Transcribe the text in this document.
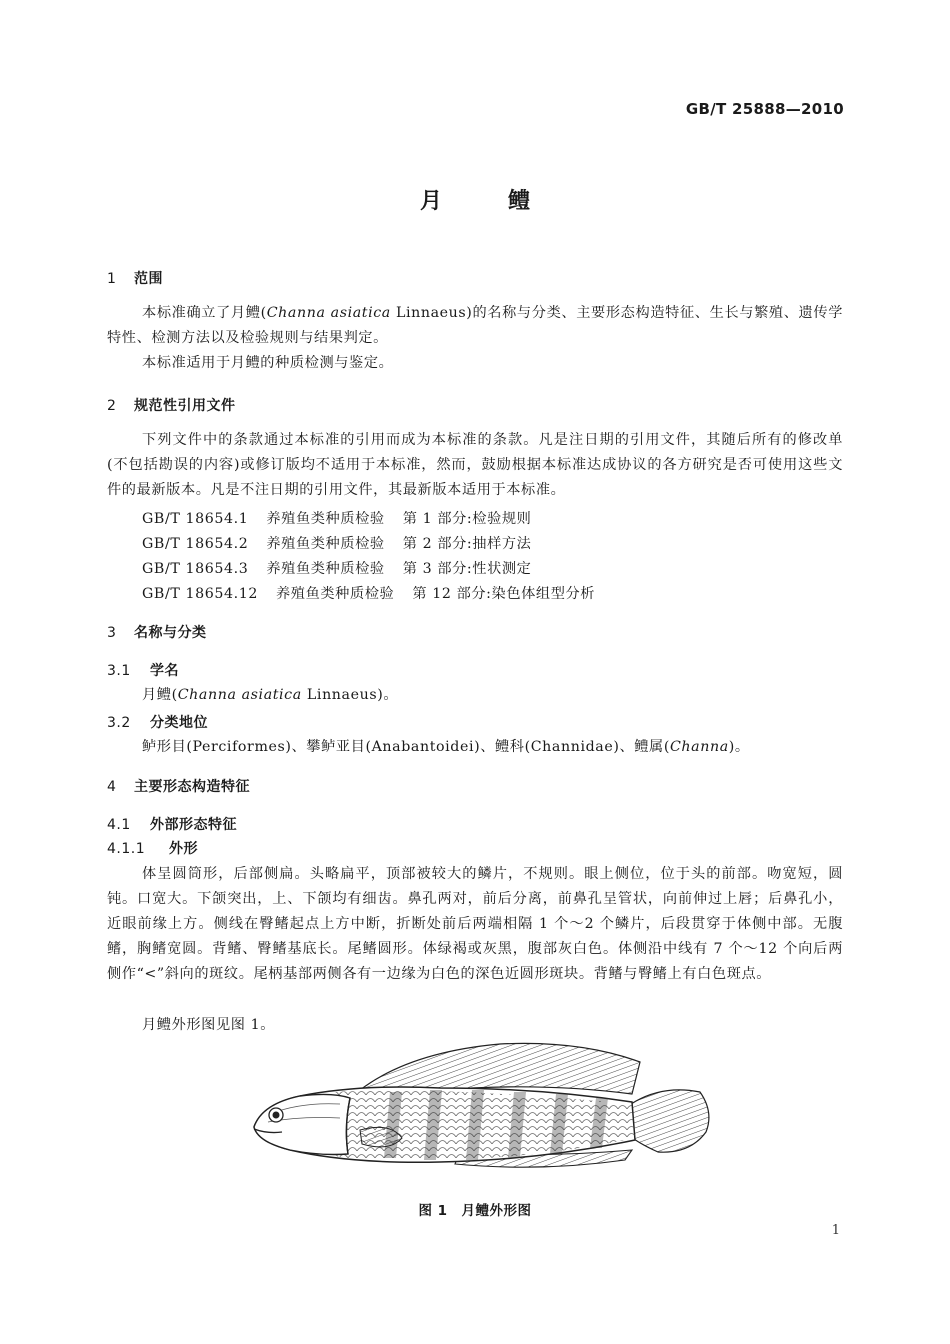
GB/T 25888—2010
月	鳢
1 范围
本标准确立了月鳢(Channa asiatica Linnaeus)的名称与分类、主要形态构造特征、生长与繁殖、遗传学特性、检测方法以及检验规则与结果判定。
本标准适用于月鳢的种质检测与鉴定。
2 规范性引用文件
下列文件中的条款通过本标准的引用而成为本标准的条款。凡是注日期的引用文件，其随后所有的修改单(不包括勘误的内容)或修订版均不适用于本标准，然而，鼓励根据本标准达成协议的各方研究是否可使用这些文件的最新版本。凡是不注日期的引用文件，其最新版本适用于本标准。
GB/T 18654.1 养殖鱼类种质检验 第 1 部分:检验规则
GB/T 18654.2 养殖鱼类种质检验 第 2 部分:抽样方法
GB/T 18654.3 养殖鱼类种质检验 第 3 部分:性状测定
GB/T 18654.12 养殖鱼类种质检验 第 12 部分:染色体组型分析
3 名称与分类
3.1 学名
月鳢(Channa asiatica Linnaeus)。
3.2 分类地位
鲈形目(Perciformes)、攀鲈亚目(Anabantoidei)、鳢科(Channidae)、鳢属(Channa)。
4 主要形态构造特征
4.1 外部形态特征
4.1.1 外形
体呈圆筒形，后部侧扁。头略扁平，顶部被较大的鳞片，不规则。眼上侧位，位于头的前部。吻宽短，圆钝。口宽大。下颌突出，上、下颌均有细齿。鼻孔两对，前后分离，前鼻孔呈管状，向前伸过上唇；后鼻孔小，近眼前缘上方。侧线在臀鳍起点上方中断，折断处前后两端相隔 1 个～2 个鳞片，后段贯穿于体侧中部。无腹鳍，胸鳍宽圆。背鳍、臀鳍基底长。尾鳍圆形。体绿褐或灰黑，腹部灰白色。体侧沿中线有 7 个～12 个向后两侧作“<”斜向的斑纹。尾柄基部两侧各有一边缘为白色的深色近圆形斑块。背鳍与臀鳍上有白色斑点。
月鳢外形图见图 1。
图 1 月鳢外形图
1
